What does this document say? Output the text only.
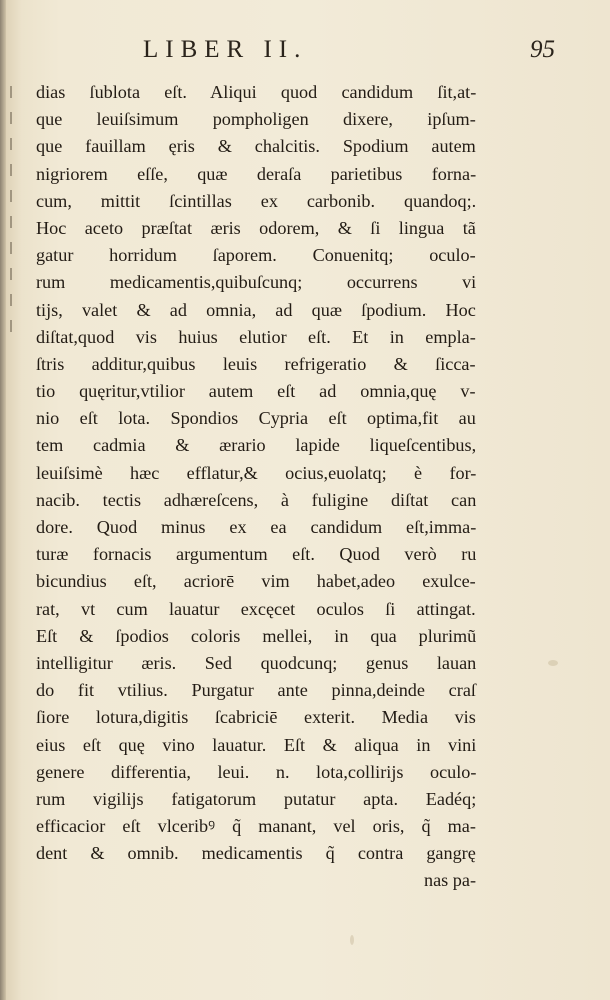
LIBER II.	95
dias ſublota eſt. Aliqui quod candidum ſit,at-
que leuiſsimum pompholigen dixere, ipſum-
que fauillam ęris & chalcitis. Spodium autem
nigriorem eſſe, quæ deraſa parietibus forna-
cum, mittit ſcintillas ex carbonib. quandoq;.
Hoc aceto præſtat æris odorem, & ſi lingua tã
gatur horridum ſaporem. Conuenitq; oculo-
rum medicamentis,quibuſcunq; occurrens vi
tijs, valet & ad omnia, ad quæ ſpodium. Hoc
diſtat,quod vis huius elutior eſt. Et in empla-
ſtris additur,quibus leuis refrigeratio & ſicca-
tio quęritur,vtilior autem eſt ad omnia,quę v-
nio eſt lota. Spondios Cypria eſt optima,fit au
tem cadmia & ærario lapide liqueſcentibus,
leuiſsimè hæc efflatur,& ocius,euolatq; è for-
nacib. tectis adhæreſcens, à fuligine diſtat can
dore. Quod minus ex ea candidum eſt,imma-
turæ fornacis argumentum eſt. Quod verò ru
bicundius eſt, acriorē vim habet,adeo exulce-
rat, vt cum lauatur excęcet oculos ſi attingat.
Eſt & ſpodios coloris mellei, in qua plurimũ
intelligitur æris. Sed quodcunq; genus lauan
do fit vtilius. Purgatur ante pinna,deinde craſ
ſiore lotura,digitis ſcabriciē exterit. Media vis
eius eſt quę vino lauatur. Eſt & aliqua in vini
genere differentia, leui. n. lota,collirijs oculo-
rum vigilijs fatigatorum putatur apta. Eadéq;
efficacior eſt vlceribꝰ q̃ manant, vel oris, q̃ ma-
dent & omnib. medicamentis q̃ contra gangrę
nas pa-
